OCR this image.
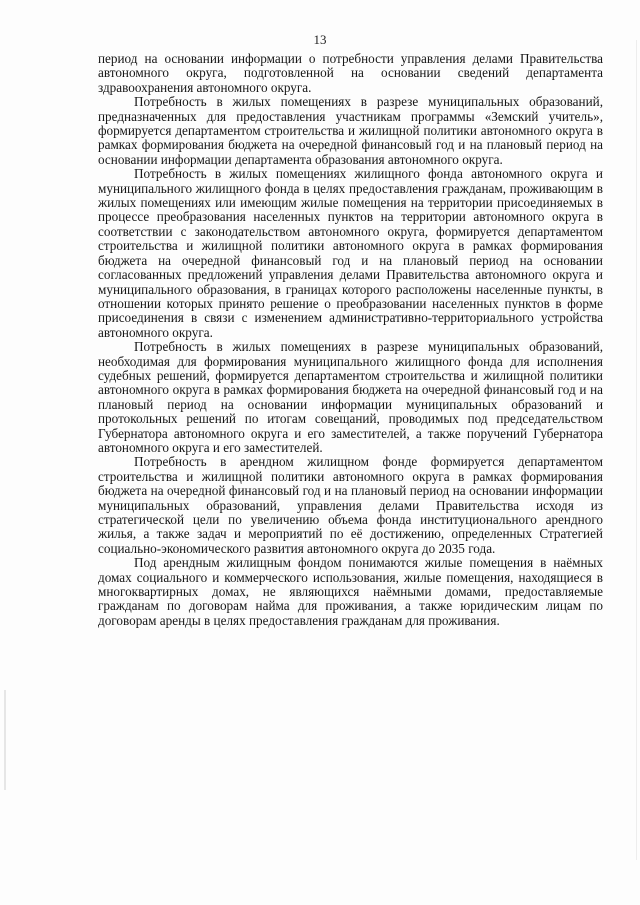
13

период на основании информации о потребности управления делами Правительства автономного округа, подготовленной на основании сведений департамента здравоохранения автономного округа.

Потребность в жилых помещениях в разрезе муниципальных образований, предназначенных для предоставления участникам программы «Земский учитель», формируется департаментом строительства и жилищной политики автономного округа в рамках формирования бюджета на очередной финансовый год и на плановый период на основании информации департамента образования автономного округа.

Потребность в жилых помещениях жилищного фонда автономного округа и муниципального жилищного фонда в целях предоставления гражданам, проживающим в жилых помещениях или имеющим жилые помещения на территории присоединяемых в процессе преобразования населенных пунктов на территории автономного округа в соответствии с законодательством автономного округа, формируется департаментом строительства и жилищной политики автономного округа в рамках формирования бюджета на очередной финансовый год и на плановый период на основании согласованных предложений управления делами Правительства автономного округа и муниципального образования, в границах которого расположены населенные пункты, в отношении которых принято решение о преобразовании населенных пунктов в форме присоединения в связи с изменением административно-территориального устройства автономного округа.

Потребность в жилых помещениях в разрезе муниципальных образований, необходимая для формирования муниципального жилищного фонда для исполнения судебных решений, формируется департаментом строительства и жилищной политики автономного округа в рамках формирования бюджета на очередной финансовый год и на плановый период на основании информации муниципальных образований и протокольных решений по итогам совещаний, проводимых под председательством Губернатора автономного округа и его заместителей, а также поручений Губернатора автономного округа и его заместителей.

Потребность в арендном жилищном фонде формируется департаментом строительства и жилищной политики автономного округа в рамках формирования бюджета на очередной финансовый год и на плановый период на основании информации муниципальных образований, управления делами Правительства исходя из стратегической цели по увеличению объема фонда институционального арендного жилья, а также задач и мероприятий по её достижению, определенных Стратегией социально-экономического развития автономного округа до 2035 года.

Под арендным жилищным фондом понимаются жилые помещения в наёмных домах социального и коммерческого использования, жилые помещения, находящиеся в многоквартирных домах, не являющихся наёмными домами, предоставляемые гражданам по договорам найма для проживания, а также юридическим лицам по договорам аренды в целях предоставления гражданам для проживания.
